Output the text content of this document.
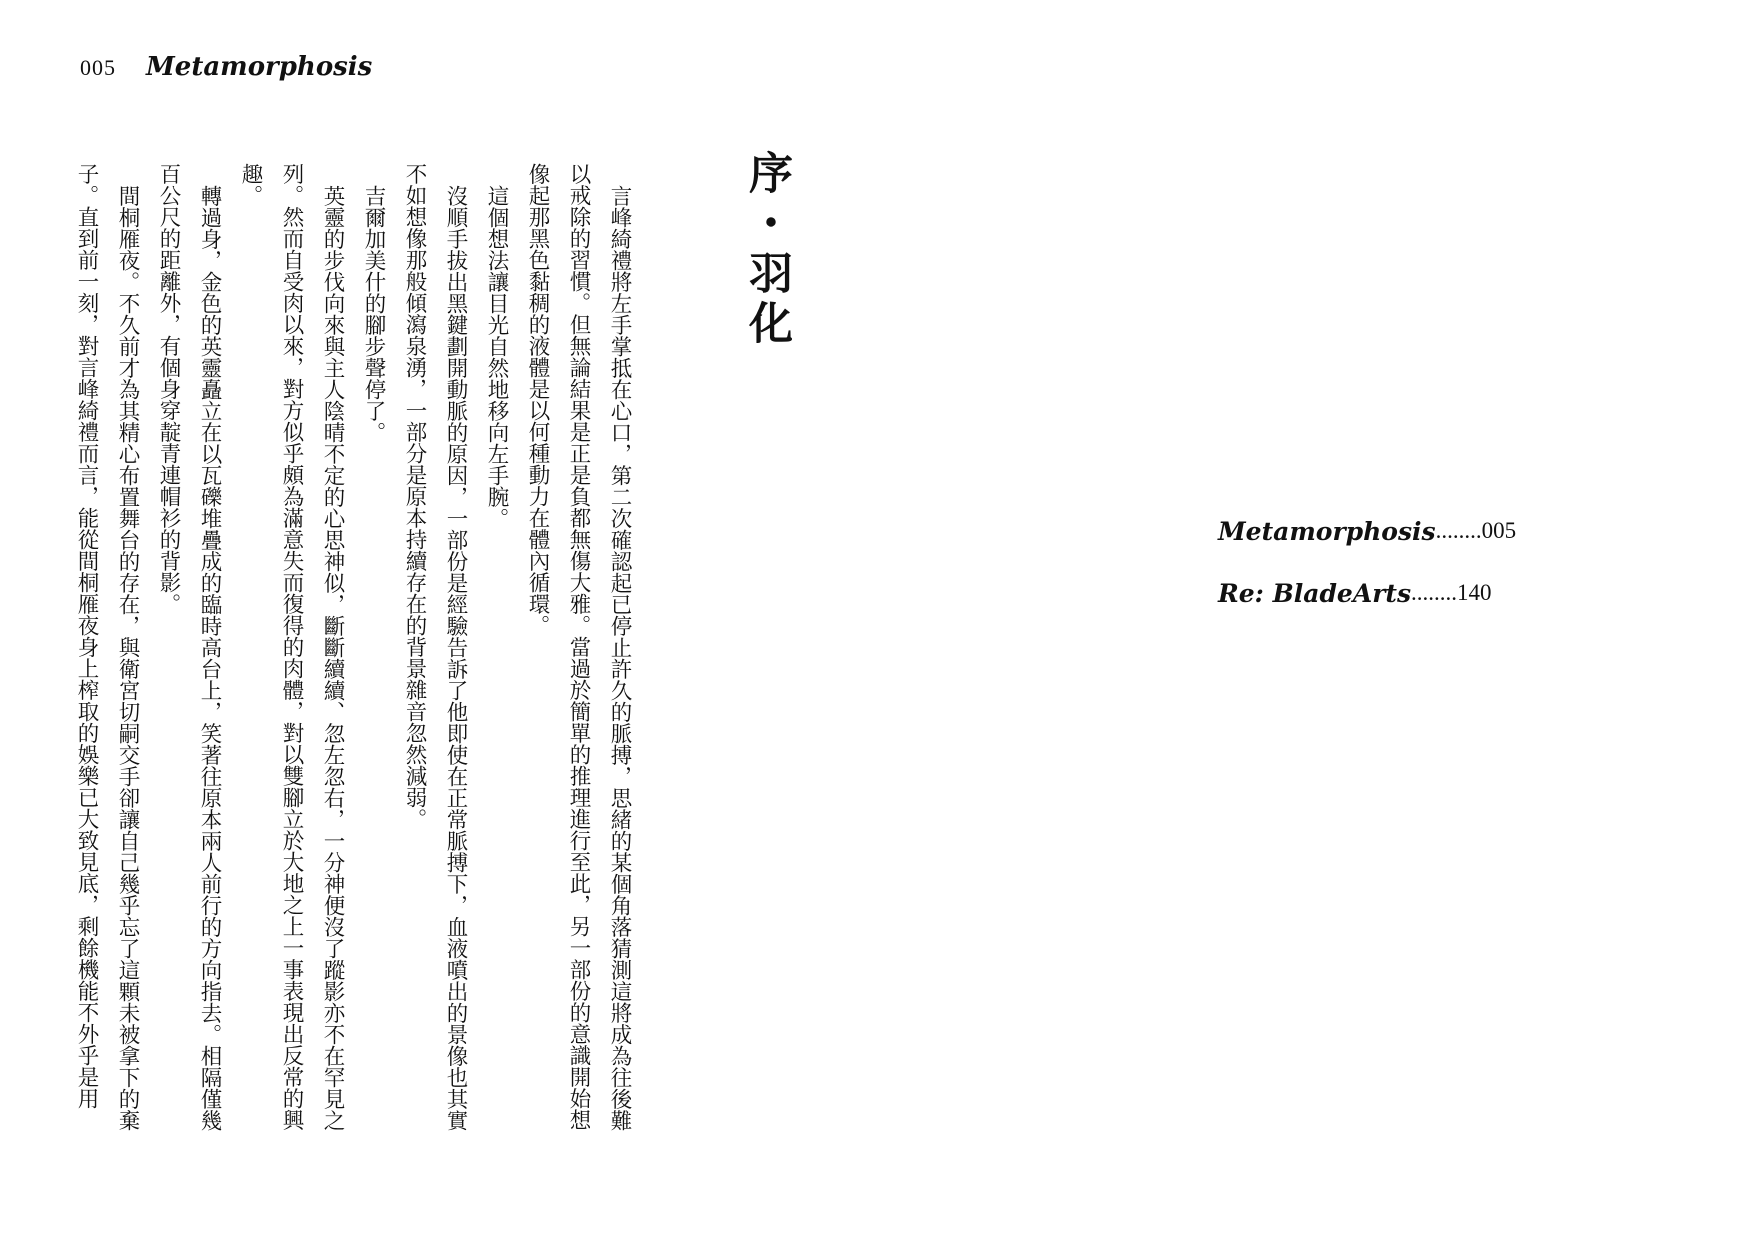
005 Metamorphosis
序・羽化

言峰綺禮將左手掌抵在心口，第二次確認起已停止許久的脈搏，思緒的某個角落猜測這將成為往後難以戒除的習慣。但無論結果是正是負都無傷大雅。當過於簡單的推理進行至此，另一部份的意識開始想像起那黑色黏稠的液體是以何種動力在體內循環。

這個想法讓目光自然地移向左手腕。

沒順手拔出黑鍵劃開動脈的原因，一部份是經驗告訴了他即使在正常脈搏下，血液噴出的景像也其實不如想像那般傾瀉泉湧，一部分是原本持續存在的背景雜音忽然減弱。

吉爾加美什的腳步聲停了。

英靈的步伐向來與主人陰晴不定的心思神似，斷斷續續、忽左忽右，一分神便沒了蹤影亦不在罕見之列。然而自受肉以來，對方似乎頗為滿意失而復得的肉體，對以雙腳立於大地之上一事表現出反常的興趣。

轉過身，金色的英靈矗立在以瓦礫堆疊成的臨時高台上，笑著往原本兩人前行的方向指去。相隔僅幾百公尺的距離外，有個身穿靛青連帽衫的背影。

間桐雁夜。不久前才為其精心布置舞台的存在，與衛宮切嗣交手卻讓自己幾乎忘了這顆未被拿下的棄子。直到前一刻，對言峰綺禮而言，能從間桐雁夜身上榨取的娛樂已大致見底，剩餘機能不外乎是用	Metamorphosis ........ 005
Re: BladeArts ........ 140
